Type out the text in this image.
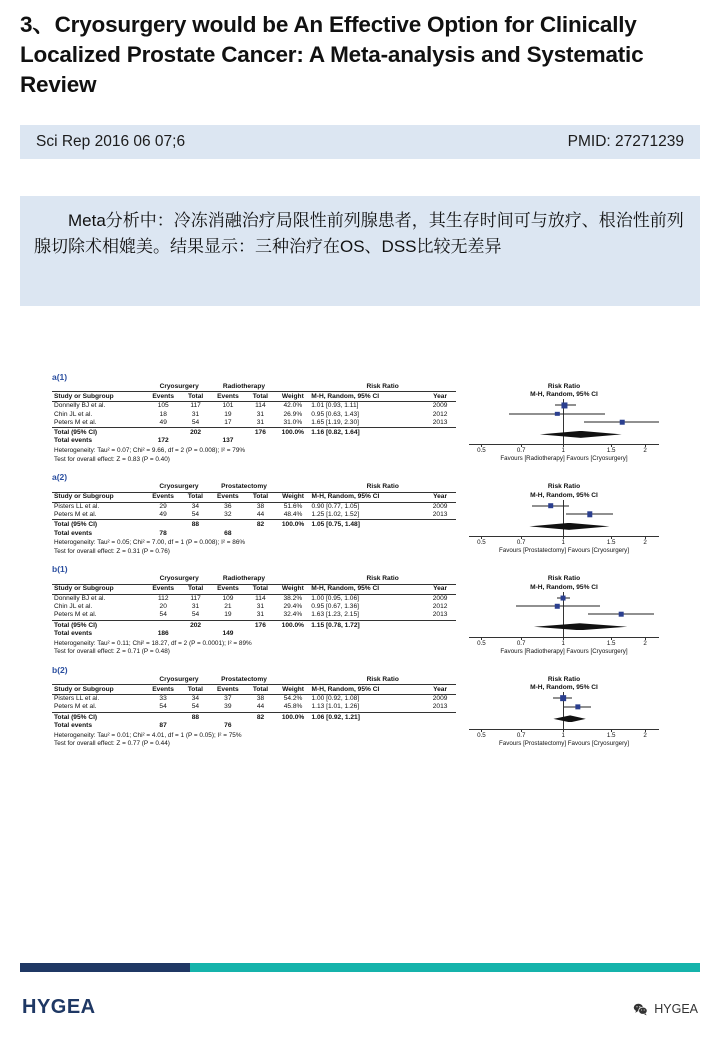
3、Cryosurgery would be An Effective Option for Clinically Localized Prostate Cancer: A Meta-analysis and Systematic Review
Sci Rep 2016 06 07;6	PMID: 27271239
Meta分析中：冷冻消融治疗局限性前列腺患者，其生存时间可与放疗、根治性前列腺切除术相媲美。结果显示：三种治疗在OS、DSS比较无差异
a(1)
	Cryosurgery		Radiotherapy			Risk Ratio	
Study or Subgroup	Events	Total	Events	Total	Weight	M-H, Random, 95% CI	Year
Donnelly BJ et al.	105	117	101	114	42.0%	1.01 [0.93, 1.11]	2009
Chin JL et al.	18	31	19	31	26.9%	0.95 [0.63, 1.43]	2012
Peters M et al.	49	54	17	31	31.0%	1.65 [1.19, 2.30]	2013
Total (95% CI)		202		176	100.0%	1.16 [0.82, 1.64]	
Total events	172		137				
Heterogeneity: Tau² = 0.07; Chi² = 9.66, df = 2 (P = 0.008); I² = 79%							
Test for overall effect: Z = 0.83 (P = 0.40)							
Risk Ratio
M-H, Random, 95% CI
0.5	0.7	1	1.5	2
Favours [Radiotherapy] Favours [Cryosurgery]
a(2)
	Cryosurgery		Prostatectomy			Risk Ratio	
Study or Subgroup	Events	Total	Events	Total	Weight	M-H, Random, 95% CI	Year
Pisters LL et al.	29	34	36	38	51.6%	0.90 [0.77, 1.05]	2009
Peters M et al.	49	54	32	44	48.4%	1.25 [1.02, 1.52]	2013
Total (95% CI)		88		82	100.0%	1.05 [0.75, 1.48]	
Total events	78		68				
Heterogeneity: Tau² = 0.05; Chi² = 7.00, df = 1 (P = 0.008); I² = 86%							
Test for overall effect: Z = 0.31 (P = 0.76)							
Risk Ratio
M-H, Random, 95% CI
0.5	0.7	1	1.5	2
Favours [Prostatectomy] Favours [Cryosurgery]
b(1)
	Cryosurgery		Radiotherapy			Risk Ratio	
Study or Subgroup	Events	Total	Events	Total	Weight	M-H, Random, 95% CI	Year
Donnelly BJ et al.	112	117	109	114	38.2%	1.00 [0.95, 1.06]	2009
Chin JL et al.	20	31	21	31	29.4%	0.95 [0.67, 1.36]	2012
Peters M et al.	54	54	19	31	32.4%	1.63 [1.23, 2.15]	2013
Total (95% CI)		202		176	100.0%	1.15 [0.78, 1.72]	
Total events	186		149				
Heterogeneity: Tau² = 0.11; Chi² = 18.27, df = 2 (P = 0.0001); I² = 89%							
Test for overall effect: Z = 0.71 (P = 0.48)							
Risk Ratio
M-H, Random, 95% CI
0.5	0.7	1	1.5	2
Favours [Radiotherapy] Favours [Cryosurgery]
b(2)
	Cryosurgery		Prostatectomy			Risk Ratio	
Study or Subgroup	Events	Total	Events	Total	Weight	M-H, Random, 95% CI	Year
Pisters LL et al.	33	34	37	38	54.2%	1.00 [0.92, 1.08]	2009
Peters M et al.	54	54	39	44	45.8%	1.13 [1.01, 1.26]	2013
Total (95% CI)		88		82	100.0%	1.06 [0.92, 1.21]	
Total events	87		76				
Heterogeneity: Tau² = 0.01; Chi² = 4.01, df = 1 (P = 0.05); I² = 75%							
Test for overall effect: Z = 0.77 (P = 0.44)							
Risk Ratio
M-H, Random, 95% CI
0.5	0.7	1	1.5	2
Favours [Prostatectomy] Favours [Cryosurgery]
HYGEA	HYGEA
